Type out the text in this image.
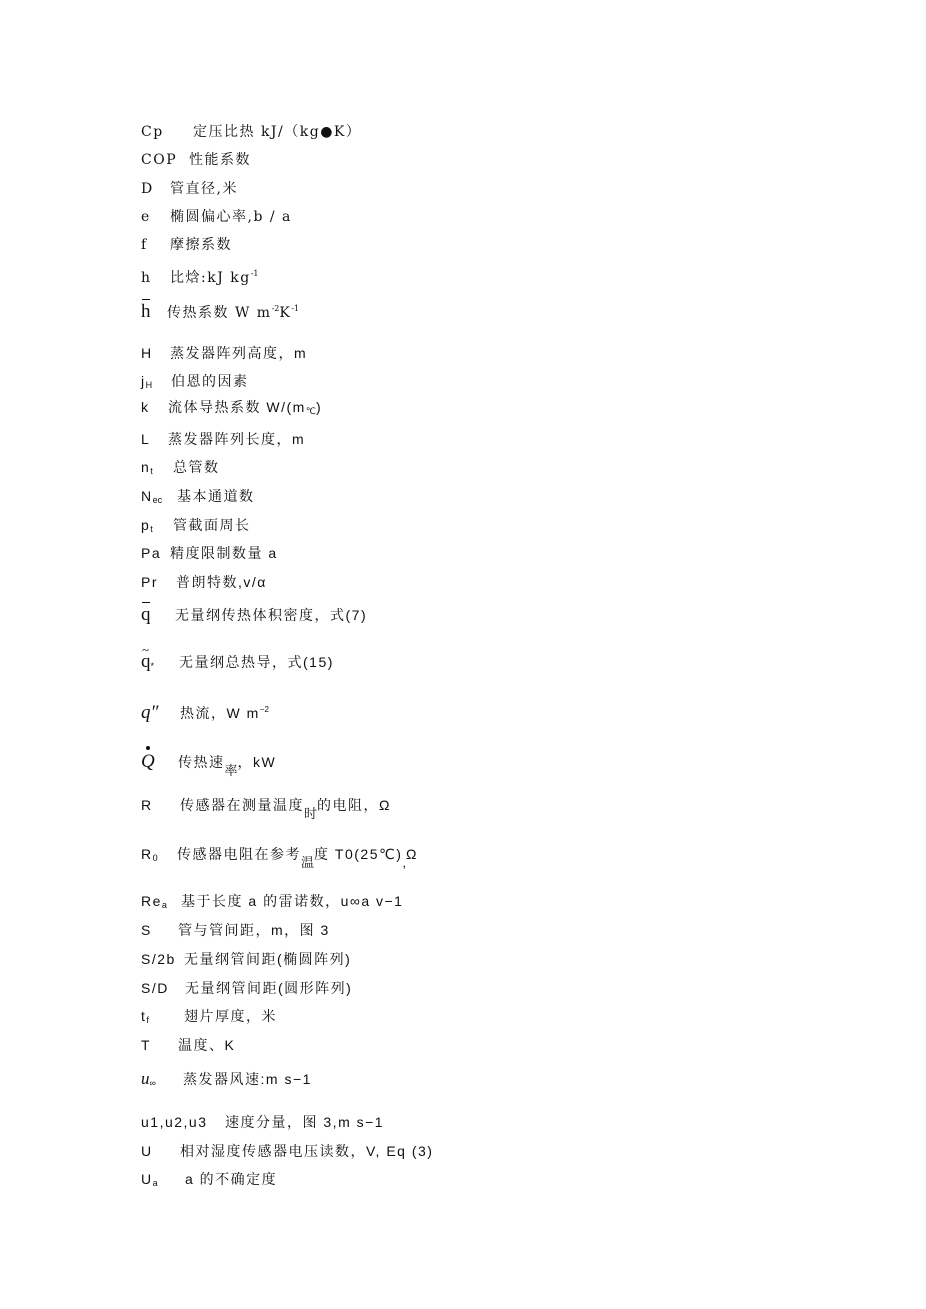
Cp 定压比热 kJ/（kg●K）
COP 性能系数
D 管直径,米
e 椭圆偏心率,b / a
f 摩擦系数
h 比焓:kJ $kg^{-1}$
h 传热系数 W $m^{-2}K^{-1}$
H 蒸发器阵列高度，m
$j_H$ 伯恩的因素
k 流体导热系数 $W/(m_℃)$
L 蒸发器阵列长度，m
$n_t$ 总管数
$N_{ec}$ 基本通道数
$p_t$ 管截面周长
Pa 精度限制数量 a
Pr 普朗特数,v/α
q 无量纲传热体积密度，式(7)
~ $q_*$ 无量纲总热导，式(15)
q″ 热流，W $m^{-2}$
Q 传热速率，kW
R 传感器在测量温度时的电阻，Ω
$R_0$ 传感器电阻在参考温度 T0(25℃),Ω
$Re_a$ 基于长度 a 的雷诺数，u∞a v−1
S 管与管间距，m，图 3
S/2b 无量纲管间距(椭圆阵列)
S/D 无量纲管间距(圆形阵列)
$t_f$	翅片厚度，米
T 温度、K
$u_\infty$ 蒸发器风速:m s−1
u1,u2,u3 速度分量，图 3,m s−1
U 相对湿度传感器电压读数，V, Eq (3)
$U_a$ a 的不确定度
